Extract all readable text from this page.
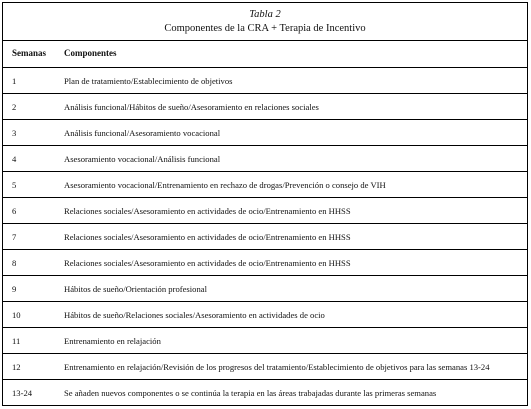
Tabla 2
Componentes de la CRA + Terapia de Incentivo
Semanas Componentes
1	Plan de tratamiento/Establecimiento de objetivos
2	Análisis funcional/Hábitos de sueño/Asesoramiento en relaciones sociales
3	Análisis funcional/Asesoramiento vocacional
4	Asesoramiento vocacional/Análisis funcional
5	Asesoramiento vocacional/Entrenamiento en rechazo de drogas/Prevención o consejo de VIH
6	Relaciones sociales/Asesoramiento en actividades de ocio/Entrenamiento en HHSS
7	Relaciones sociales/Asesoramiento en actividades de ocio/Entrenamiento en HHSS
8	Relaciones sociales/Asesoramiento en actividades de ocio/Entrenamiento en HHSS
9	Hábitos de sueño/Orientación profesional
10	Hábitos de sueño/Relaciones sociales/Asesoramiento en actividades de ocio
11	Entrenamiento en relajación
12	Entrenamiento en relajación/Revisión de los progresos del tratamiento/Establecimiento de objetivos para las semanas 13-24
13-24	Se añaden nuevos componentes o se continúa la terapia en las áreas trabajadas durante las primeras semanas
